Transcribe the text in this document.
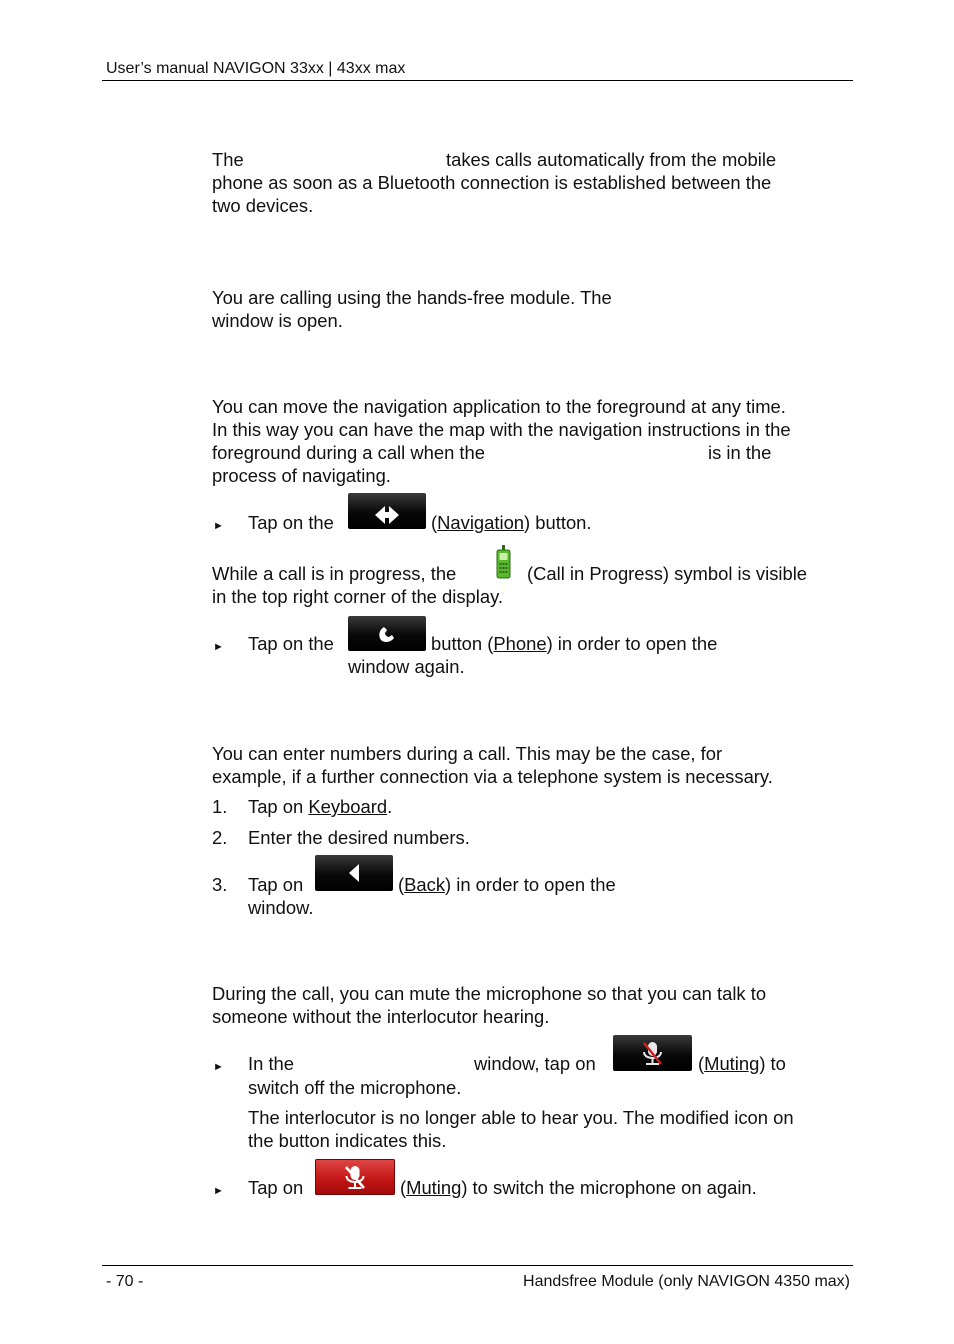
User’s manual NAVIGON 33xx | 43xx max
The	takes calls automatically from the mobile
phone as soon as a Bluetooth connection is established between the
two devices.
You are calling using the hands-free module. The
window is open.
You can move the navigation application to the foreground at any time.
In this way you can have the map with the navigation instructions in the
foreground during a call when the	is in the
process of navigating.
► Tap on the	(Navigation) button.
While a call is in progress, the	(Call in Progress) symbol is visible
in the top right corner of the display.
► Tap on the	button (Phone) in order to open the
window again.
You can enter numbers during a call. This may be the case, for
example, if a further connection via a telephone system is necessary.
1. Tap on Keyboard.
2. Enter the desired numbers.
3. Tap on	(Back) in order to open the
window.
During the call, you can mute the microphone so that you can talk to
someone without the interlocutor hearing.
► In the	window, tap on	(Muting) to
switch off the microphone.
The interlocutor is no longer able to hear you. The modified icon on
the button indicates this.
► Tap on	(Muting) to switch the microphone on again.
- 70 -	Handsfree Module (only NAVIGON 4350 max)
